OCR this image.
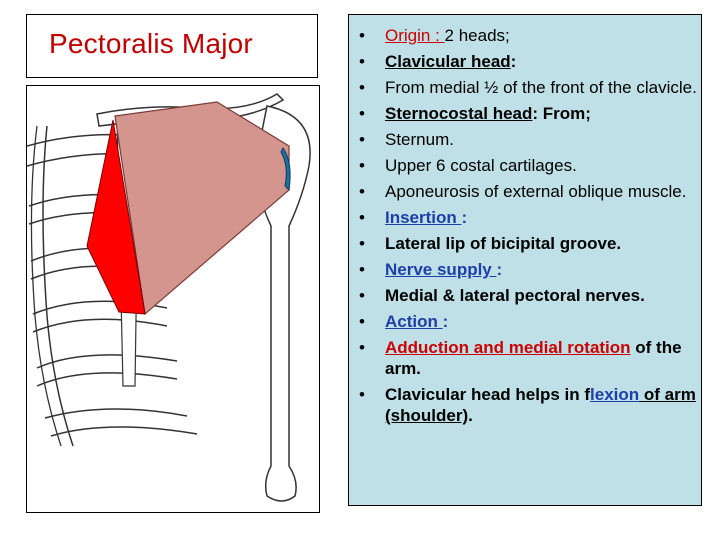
Pectoralis Major
•	Origin : 2 heads;
• Clavicular head:
• From medial ½ of the front of the clavicle.
• Sternocostal head: From;
• Sternum.
• Upper 6 costal cartilages.
• Aponeurosis of external oblique muscle.
• Insertion :
• Lateral lip of bicipital groove.
• Nerve supply :
• Medial & lateral pectoral nerves.
• Action :
• Adduction and medial rotation of the arm.
• Clavicular head helps in flexion of arm (shoulder).
